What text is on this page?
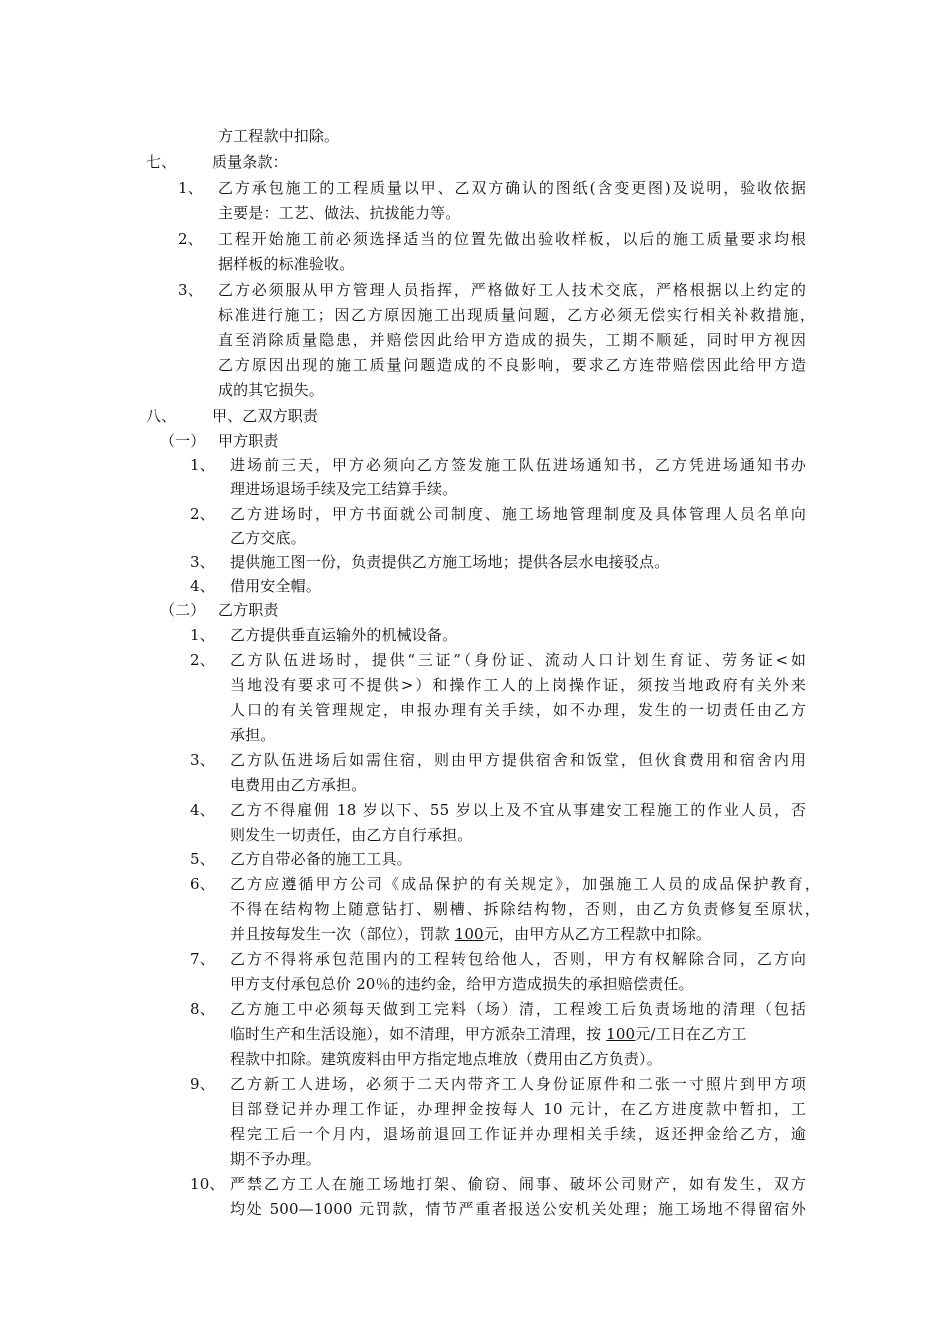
方工程款中扣除。
七、 质量条款：
1、 乙方承包施工的工程质量以甲、乙双方确认的图纸(含变更图)及说明，验收依据
主要是：工艺、做法、抗拔能力等。
2、 工程开始施工前必须选择适当的位置先做出验收样板，以后的施工质量要求均根
据样板的标准验收。
3、 乙方必须服从甲方管理人员指挥，严格做好工人技术交底，严格根据以上约定的
标准进行施工；因乙方原因施工出现质量问题，乙方必须无偿实行相关补救措施，
直至消除质量隐患，并赔偿因此给甲方造成的损失，工期不顺延，同时甲方视因
乙方原因出现的施工质量问题造成的不良影响，要求乙方连带赔偿因此给甲方造
成的其它损失。
八、 甲、乙双方职责
（一） 甲方职责
1、 进场前三天，甲方必须向乙方签发施工队伍进场通知书，乙方凭进场通知书办
理进场退场手续及完工结算手续。
2、 乙方进场时，甲方书面就公司制度、施工场地管理制度及具体管理人员名单向
乙方交底。
3、 提供施工图一份，负责提供乙方施工场地；提供各层水电接驳点。
4、 借用安全帽。
（二） 乙方职责
1、 乙方提供垂直运输外的机械设备。
2、 乙方队伍进场时，提供“三证”（身份证、流动人口计划生育证、劳务证<如
当地没有要求可不提供>）和操作工人的上岗操作证，须按当地政府有关外来
人口的有关管理规定，申报办理有关手续，如不办理，发生的一切责任由乙方
承担。
3、 乙方队伍进场后如需住宿，则由甲方提供宿舍和饭堂，但伙食费用和宿舍内用
电费用由乙方承担。
4、 乙方不得雇佣 18 岁以下、55 岁以上及不宜从事建安工程施工的作业人员，否
则发生一切责任，由乙方自行承担。
5、 乙方自带必备的施工工具。
6、 乙方应遵循甲方公司《成品保护的有关规定》，加强施工人员的成品保护教育，
不得在结构物上随意钻打、剔槽、拆除结构物，否则，由乙方负责修复至原状，
并且按每发生一次（部位），罚款 100元，由甲方从乙方工程款中扣除。
7、 乙方不得将承包范围内的工程转包给他人，否则，甲方有权解除合同，乙方向
甲方支付承包总价 20％的违约金，给甲方造成损失的承担赔偿责任。
8、 乙方施工中必须每天做到工完料（场）清，工程竣工后负责场地的清理（包括
临时生产和生活设施），如不清理，甲方派杂工清理，按 100元/工日在乙方工
程款中扣除。建筑废料由甲方指定地点堆放（费用由乙方负责）。
9、 乙方新工人进场，必须于二天内带齐工人身份证原件和二张一寸照片到甲方项
目部登记并办理工作证，办理押金按每人 10 元计，在乙方进度款中暂扣，工
程完工后一个月内，退场前退回工作证并办理相关手续，返还押金给乙方，逾
期不予办理。
10、 严禁乙方工人在施工场地打架、偷窃、闹事、破坏公司财产，如有发生，双方
均处 500—1000 元罚款，情节严重者报送公安机关处理；施工场地不得留宿外
